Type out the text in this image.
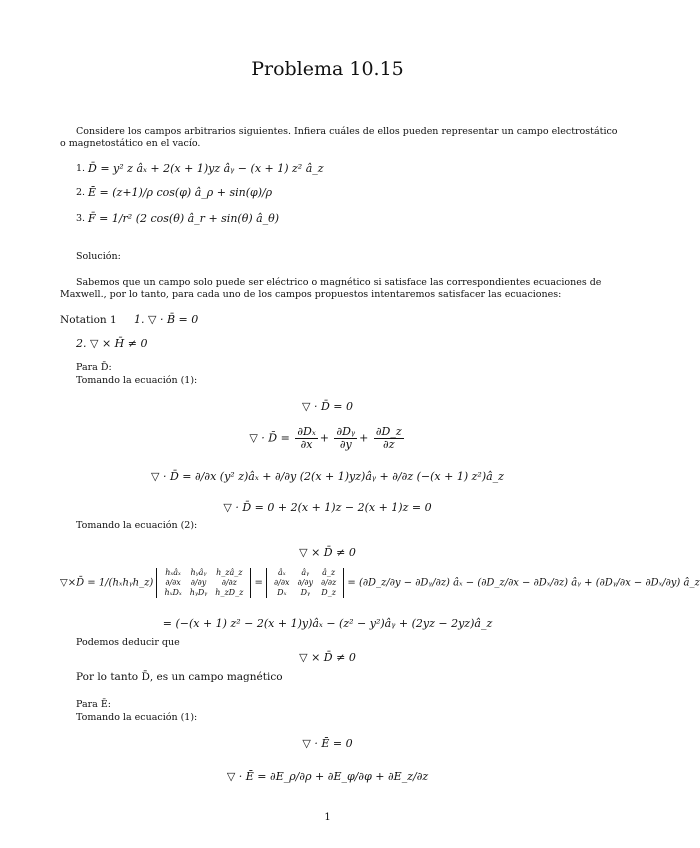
Problema 10.15
Considere los campos arbitrarios siguientes. Infiera cuáles de ellos pueden representar un campo electrostático
o magnetostático en el vacío.
1. D̄ = y² z âₓ + 2(x + 1)yz âᵧ − (x + 1) z² â_z
2. Ē = (z+1)/ρ cos(φ) â_ρ + sin(φ)/ρ
3. F̄ = 1/r² (2 cos(θ) â_r + sin(θ) â_θ)
Solución:
Sabemos que un campo solo puede ser eléctrico o magnético si satisface las correspondientes ecuaciones de
Maxwell., por lo tanto, para cada uno de los campos propuestos intentaremos satisfacer las ecuaciones:
Notation 1 1. ▽ · B̄ = 0
2. ▽ × H̄ ≠ 0
Para D̄:
Tomando la ecuación (1):
▽ · D̄ = 0
▽ · D̄ = $\frac{\text{∂Dₓ}}{\partial x} + \frac{\text{∂Dᵧ}}{\partial y} + \frac{\partial D\_z}{\partial z}$
▽ · D̄ = ∂/∂x (y² z)âₓ + ∂/∂y (2(x + 1)yz)âᵧ + ∂/∂z (−(x + 1) z²)â_z
▽ · D̄ = 0 + 2(x + 1)z − 2(x + 1)z = 0
Tomando la ecuación (2):
▽ × D̄ ≠ 0
▽×D̄ = 1/(hₓhᵧh_z)
hₓâₓ	hᵧâᵧ	h_zâ_z
∂/∂x	∂/∂y	∂/∂z
hₓDₓ	hᵧDᵧ	h_zD_z
=
âₓ	âᵧ	â_z
∂/∂x	∂/∂y	∂/∂z
Dₓ	Dᵧ	D_z
= (∂D_z/∂y − ∂Dᵧ/∂z) âₓ − (∂D_z/∂x − ∂Dₓ/∂z) âᵧ + (∂Dᵧ/∂x − ∂Dₓ/∂y) â_z
= (−(x + 1) z² − 2(x + 1)y)âₓ − (z² − y²)âᵧ + (2yz − 2yz)â_z
Podemos deducir que
▽ × D̄ ≠ 0
Por lo tanto D̄, es un campo magnético
Para Ē:
Tomando la ecuación (1):
▽ · Ē = 0
▽ · Ē = ∂E_ρ/∂ρ + ∂E_φ/∂φ + ∂E_z/∂z
1
